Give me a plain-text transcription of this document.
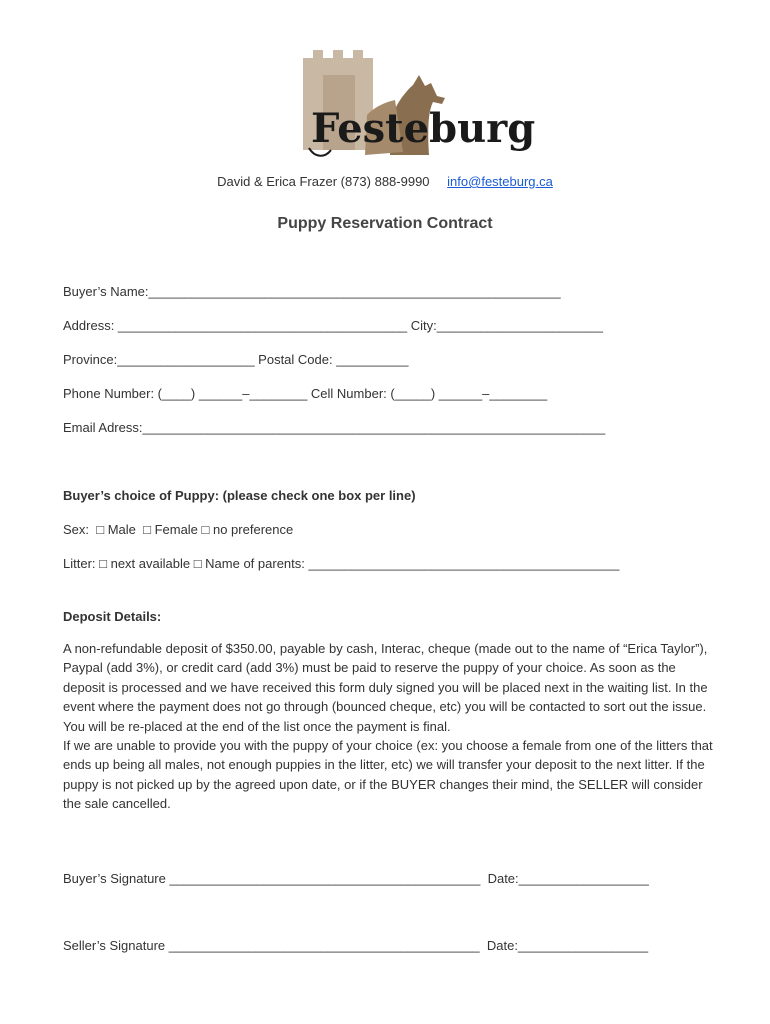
Festeburg
David & Erica Frazer (873) 888-9990 info@festeburg.ca
Puppy Reservation Contract
Buyer’s Name:_________________________________________________________
Address: ________________________________________ City:_______________________
Province:___________________ Postal Code: __________
Phone Number: (____) ______–________ Cell Number: (_____) ______–________
Email Adress:________________________________________________________________
Buyer’s choice of Puppy: (please check one box per line)
Sex:  □ Male  □ Female □ no preference
Litter: □ next available □ Name of parents: ___________________________________________
Deposit Details:

A non-refundable deposit of $350.00, payable by cash, Interac, cheque (made out to the name of “Erica Taylor”), Paypal (add 3%), or credit card (add 3%) must be paid to reserve the puppy of your choice. As soon as the deposit is processed and we have received this form duly signed you will be placed next in the waiting list. In the event where the payment does not go through (bounced cheque, etc) you will be contacted to sort out the issue. You will be re-placed at the end of the list once the payment is final.

If we are unable to provide you with the puppy of your choice (ex: you choose a female from one of the litters that ends up being all males, not enough puppies in the litter, etc) we will transfer your deposit to the next litter. If the puppy is not picked up by the agreed upon date, or if the BUYER changes their mind, the SELLER will consider the sale cancelled.

Buyer’s Signature ___________________________________________  Date:__________________
Seller’s Signature ___________________________________________  Date:__________________
